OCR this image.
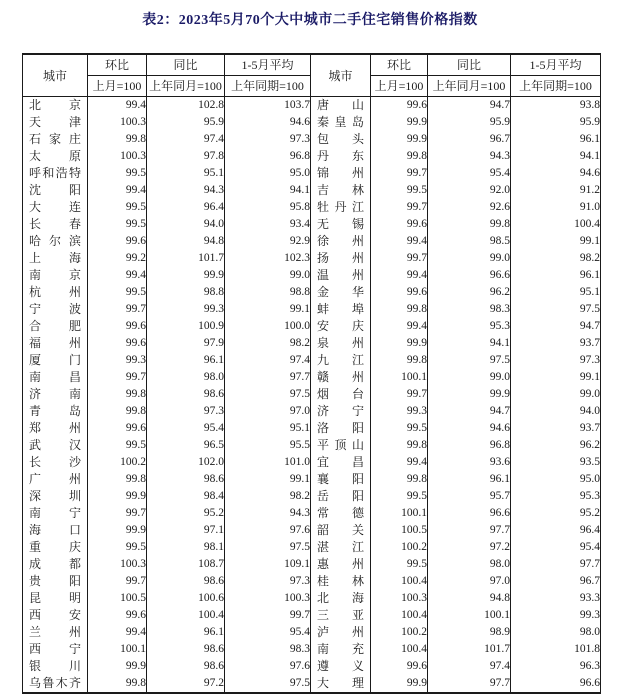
表2：2023年5月70个大中城市二手住宅销售价格指数

城市	环比	同比	1-5月平均	城市	环比	同比	1-5月平均
	上月=100	上年同月=100	上年同期=100		上月=100	上年同月=100	上年同期=100

北京	99.4	102.8	103.7	唐山	99.6	94.7	93.8

天津	100.3	95.9	94.6	秦皇岛	99.9	95.9	95.9

石家庄	99.8	97.4	97.3	包头	99.9	96.7	96.1

太原	100.3	97.8	96.8	丹东	99.8	94.3	94.1

呼和浩特	99.5	95.1	95.0	锦州	99.7	95.4	94.6

沈阳	99.4	94.3	94.1	吉林	99.5	92.0	91.2

大连	99.5	96.4	95.8	牡丹江	99.7	92.6	91.0

长春	99.5	94.0	93.4	无锡	99.6	99.8	100.4

哈尔滨	99.6	94.8	92.9	徐州	99.4	98.5	99.1

上海	99.2	101.7	102.3	扬州	99.7	99.0	98.2

南京	99.4	99.9	99.0	温州	99.4	96.6	96.1

杭州	99.5	98.8	98.8	金华	99.6	96.2	95.1

宁波	99.7	99.3	99.1	蚌埠	99.8	98.3	97.5

合肥	99.6	100.9	100.0	安庆	99.4	95.3	94.7

福州	99.6	97.9	98.2	泉州	99.9	94.1	93.7

厦门	99.3	96.1	97.4	九江	99.8	97.5	97.3

南昌	99.7	98.0	97.7	赣州	100.1	99.0	99.1

济南	99.8	98.6	97.5	烟台	99.7	99.9	99.0

青岛	99.8	97.3	97.0	济宁	99.3	94.7	94.0

郑州	99.6	95.4	95.1	洛阳	99.5	94.6	93.7

武汉	99.5	96.5	95.5	平顶山	99.8	96.8	96.2

长沙	100.2	102.0	101.0	宜昌	99.4	93.6	93.5

广州	99.8	98.6	99.1	襄阳	99.8	96.1	95.0

深圳	99.9	98.4	98.2	岳阳	99.5	95.7	95.3

南宁	99.7	95.2	94.3	常德	100.1	96.6	95.2

海口	99.9	97.1	97.6	韶关	100.5	97.7	96.4

重庆	99.5	98.1	97.5	湛江	100.2	97.2	95.4

成都	100.3	108.7	109.1	惠州	99.5	98.0	97.7

贵阳	99.7	98.6	97.3	桂林	100.4	97.0	96.7

昆明	100.5	100.6	100.3	北海	100.3	94.8	93.3

西安	99.6	100.4	99.7	三亚	100.4	100.1	99.3

兰州	99.4	96.1	95.4	泸州	100.2	98.9	98.0

西宁	100.1	98.6	98.3	南充	100.4	101.7	101.8

银川	99.9	98.6	97.6	遵义	99.6	97.4	96.3

乌鲁木齐	99.8	97.2	97.5	大理	99.9	97.7	96.6
